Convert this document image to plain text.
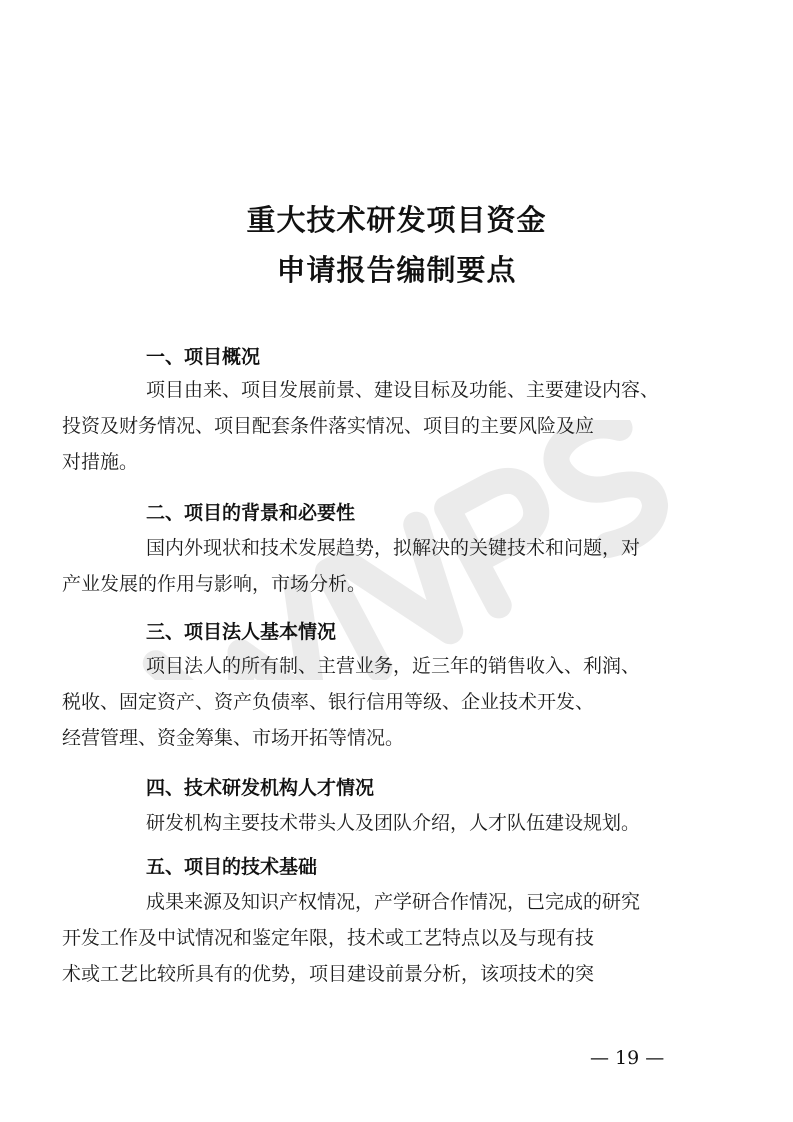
重大技术研发项目资金
申请报告编制要点
一、项目概况
项目由来、项目发展前景、建设目标及功能、主要建设内容、
投资及财务情况、项目配套条件落实情况、项目的主要风险及应
对措施。
二、项目的背景和必要性
国内外现状和技术发展趋势，拟解决的关键技术和问题，对
产业发展的作用与影响，市场分析。
三、项目法人基本情况
项目法人的所有制、主营业务，近三年的销售收入、利润、
税收、固定资产、资产负债率、银行信用等级、企业技术开发、
经营管理、资金筹集、市场开拓等情况。
四、技术研发机构人才情况
研发机构主要技术带头人及团队介绍，人才队伍建设规划。
五、项目的技术基础
成果来源及知识产权情况，产学研合作情况，已完成的研究
开发工作及中试情况和鉴定年限，技术或工艺特点以及与现有技
术或工艺比较所具有的优势，项目建设前景分析，该项技术的突
— 19 —
